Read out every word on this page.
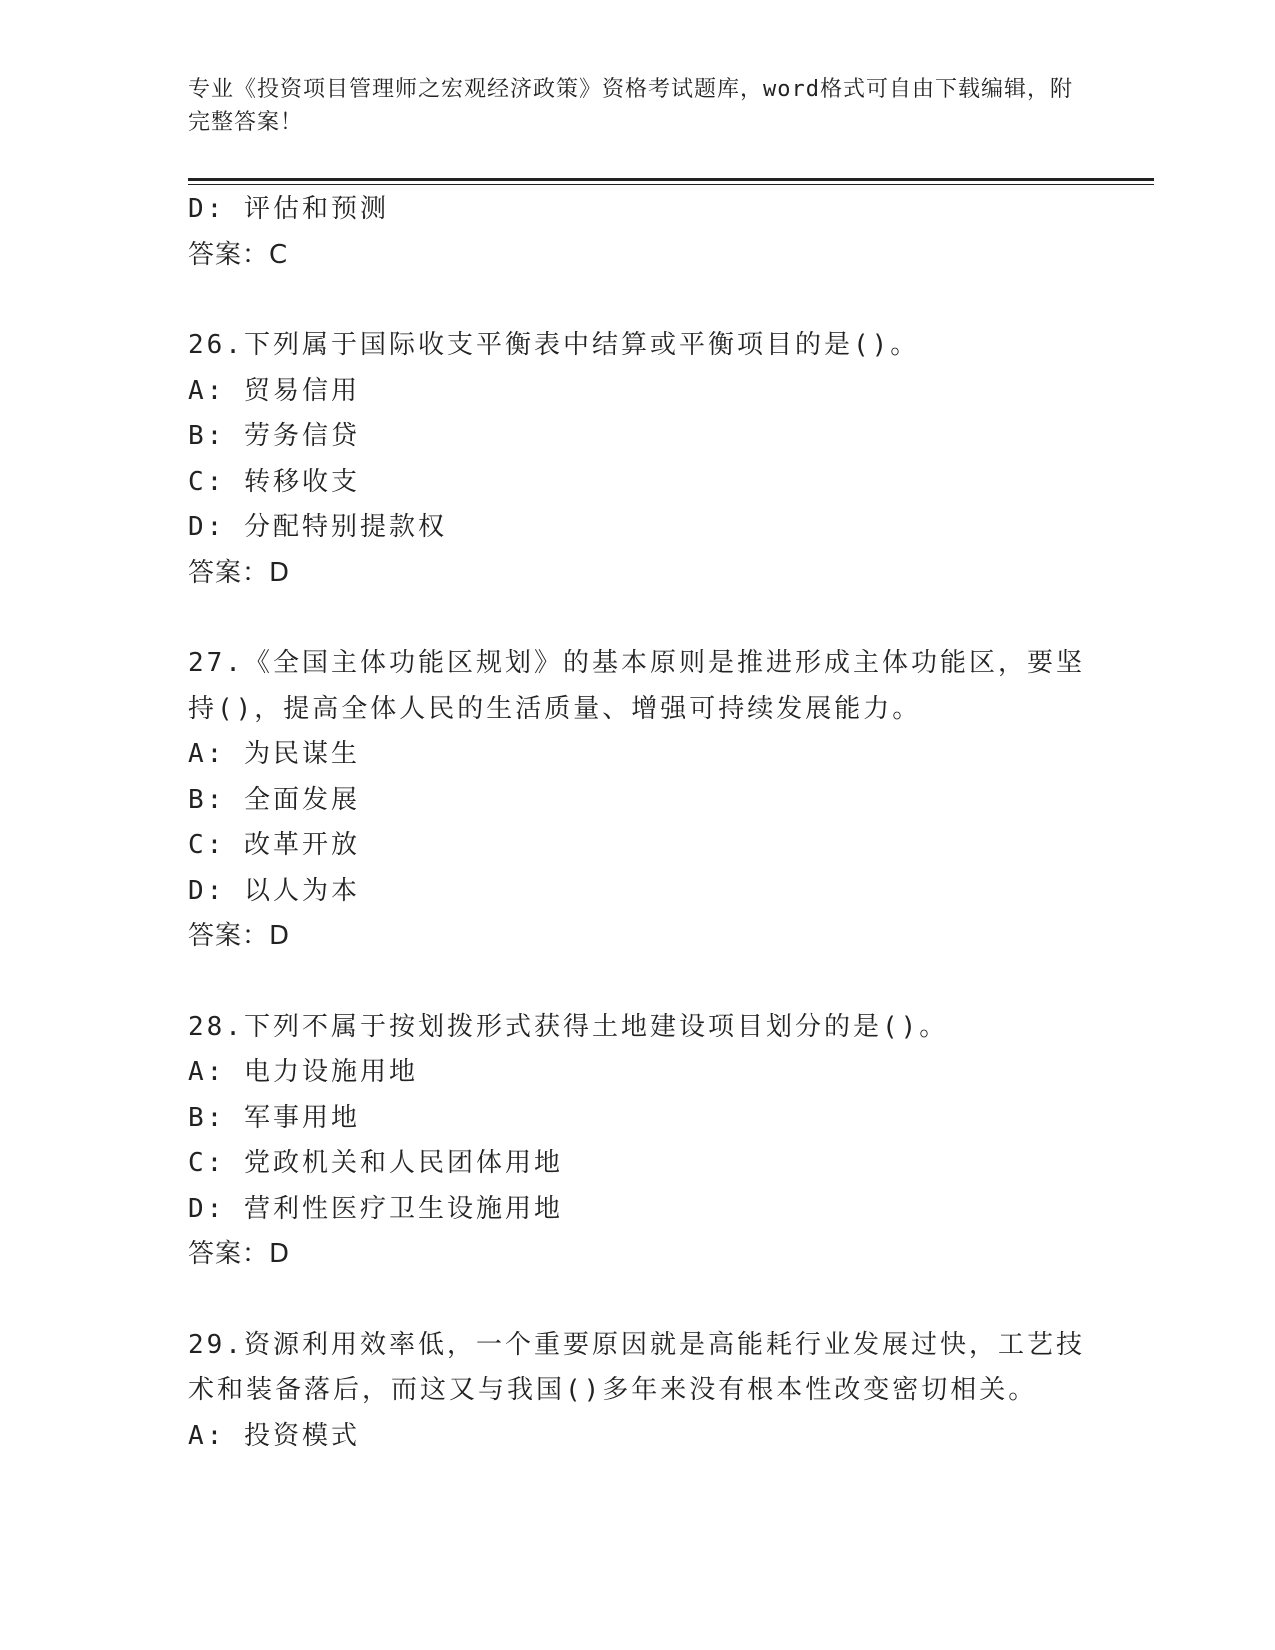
专业《投资项目管理师之宏观经济政策》资格考试题库，word格式可自由下载编辑，附完整答案！
D: 评估和预测
答案：C
26.下列属于国际收支平衡表中结算或平衡项目的是()。
A: 贸易信用
B: 劳务信贷
C: 转移收支
D: 分配特别提款权
答案：D
27.《全国主体功能区规划》的基本原则是推进形成主体功能区，要坚持()，提高全体人民的生活质量、增强可持续发展能力。
A: 为民谋生
B: 全面发展
C: 改革开放
D: 以人为本
答案：D
28.下列不属于按划拨形式获得土地建设项目划分的是()。
A: 电力设施用地
B: 军事用地
C: 党政机关和人民团体用地
D: 营利性医疗卫生设施用地
答案：D
29.资源利用效率低，一个重要原因就是高能耗行业发展过快，工艺技术和装备落后，而这又与我国()多年来没有根本性改变密切相关。
A: 投资模式
